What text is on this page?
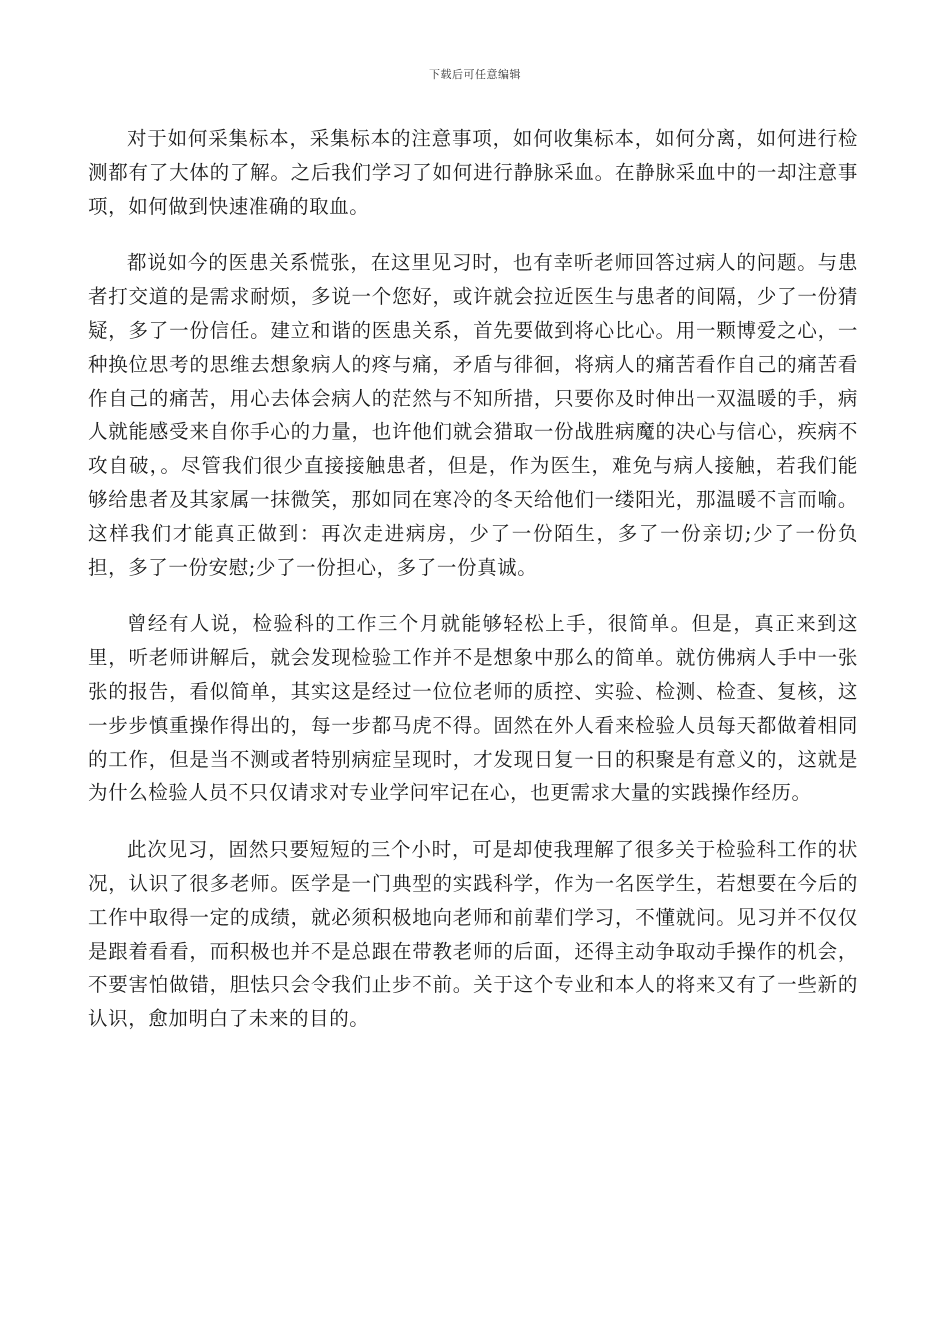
下载后可任意编辑

对于如何采集标本，采集标本的注意事项，如何收集标本，如何分离，如何进行检测都有了大体的了解。之后我们学习了如何进行静脉采血。在静脉采血中的一却注意事项，如何做到快速准确的取血。

都说如今的医患关系慌张，在这里见习时，也有幸听老师回答过病人的问题。与患者打交道的是需求耐烦，多说一个您好，或许就会拉近医生与患者的间隔，少了一份猜疑，多了一份信任。建立和谐的医患关系，首先要做到将心比心。用一颗博爱之心，一种换位思考的思维去想象病人的疼与痛，矛盾与徘徊，将病人的痛苦看作自己的痛苦看作自己的痛苦，用心去体会病人的茫然与不知所措，只要你及时伸出一双温暖的手，病人就能感受来自你手心的力量，也许他们就会猎取一份战胜病魔的决心与信心，疾病不攻自破，。尽管我们很少直接接触患者，但是，作为医生，难免与病人接触，若我们能够给患者及其家属一抹微笑，那如同在寒冷的冬天给他们一缕阳光，那温暖不言而喻。这样我们才能真正做到：再次走进病房，少了一份陌生，多了一份亲切;少了一份负担，多了一份安慰;少了一份担心，多了一份真诚。

曾经有人说，检验科的工作三个月就能够轻松上手，很简单。但是，真正来到这里，听老师讲解后，就会发现检验工作并不是想象中那么的简单。就仿佛病人手中一张张的报告，看似简单，其实这是经过一位位老师的质控、实验、检测、检查、复核，这一步步慎重操作得出的，每一步都马虎不得。固然在外人看来检验人员每天都做着相同的工作，但是当不测或者特别病症呈现时，才发现日复一日的积聚是有意义的，这就是为什么检验人员不只仅请求对专业学问牢记在心，也更需求大量的实践操作经历。

此次见习，固然只要短短的三个小时，可是却使我理解了很多关于检验科工作的状况，认识了很多老师。医学是一门典型的实践科学，作为一名医学生，若想要在今后的工作中取得一定的成绩，就必须积极地向老师和前辈们学习，不懂就问。见习并不仅仅是跟着看看，而积极也并不是总跟在带教老师的后面，还得主动争取动手操作的机会，不要害怕做错，胆怯只会令我们止步不前。关于这个专业和本人的将来又有了一些新的认识，愈加明白了未来的目的。
